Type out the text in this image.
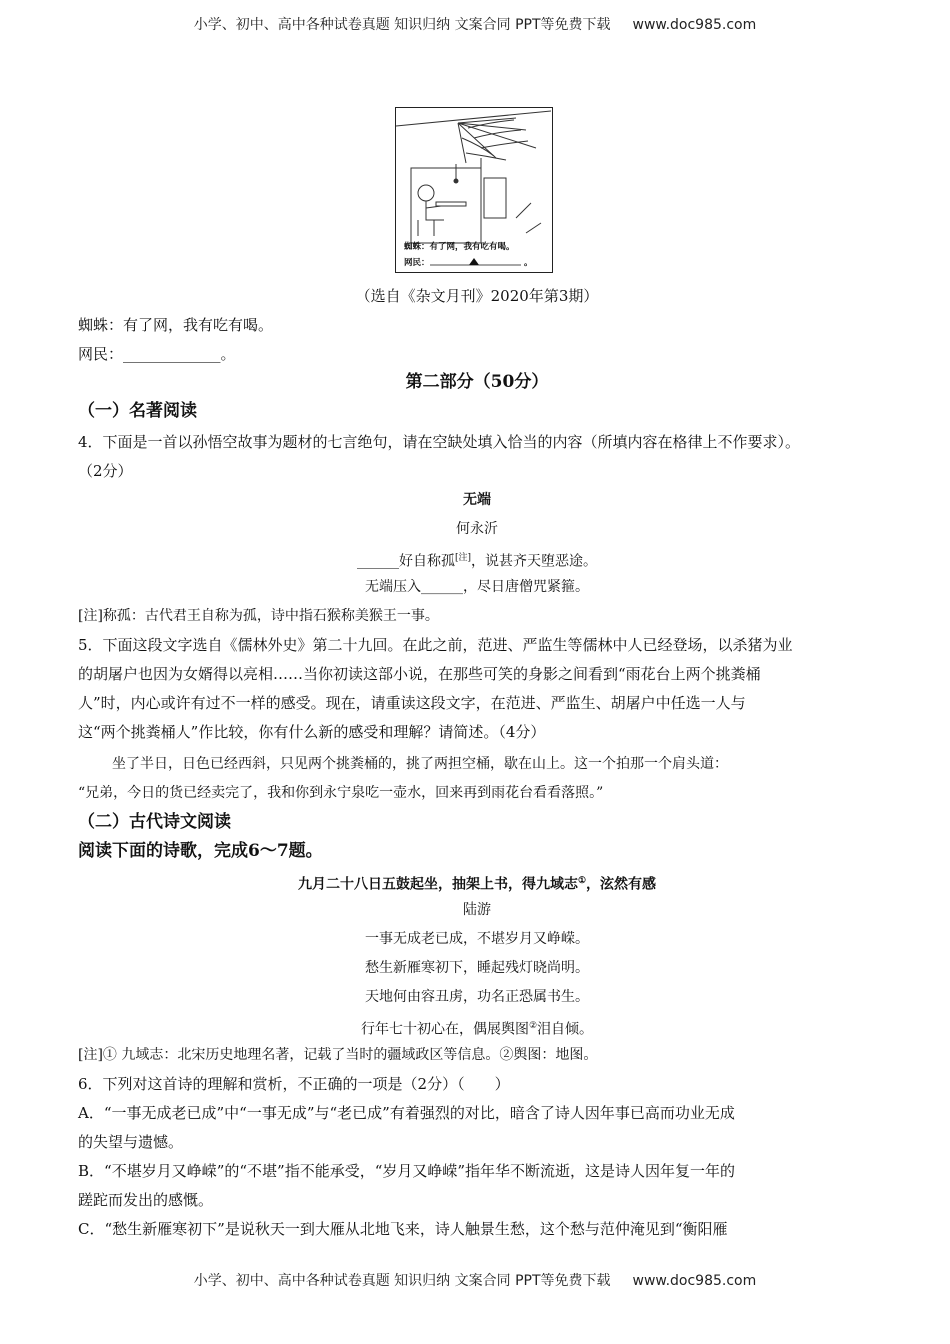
小学、初中、高中各种试卷真题 知识归纳 文案合同 PPT等免费下载 www.doc985.com
蜘蛛：有了网，我有吃有喝。
网民：	。
（选自《杂文月刊》2020年第3期）
蜘蛛：有了网，我有吃有喝。
网民：_____________。
第二部分（50分）
（一）名著阅读
4．下面是一首以孙悟空故事为题材的七言绝句，请在空缺处填入恰当的内容（所填内容在格律上不作要求）。
（2分）
无端
何永沂
______好自称孤[注]，说甚齐天堕恶途。
无端压入______，尽日唐僧咒紧箍。
[注]称孤：古代君王自称为孤，诗中指石猴称美猴王一事。
5．下面这段文字选自《儒林外史》第二十九回。在此之前，范进、严监生等儒林中人已经登场，以杀猪为业
的胡屠户也因为女婿得以亮相……当你初读这部小说，在那些可笑的身影之间看到“雨花台上两个挑粪桶
人”时，内心或许有过不一样的感受。现在，请重读这段文字，在范进、严监生、胡屠户中任选一人与
这“两个挑粪桶人”作比较，你有什么新的感受和理解？请简述。（4分）
坐了半日，日色已经西斜，只见两个挑粪桶的，挑了两担空桶，歇在山上。这一个拍那一个肩头道：
“兄弟，今日的货已经卖完了，我和你到永宁泉吃一壶水，回来再到雨花台看看落照。”
（二）古代诗文阅读
阅读下面的诗歌，完成6～7题。
九月二十八日五鼓起坐，抽架上书，得九域志①，泫然有感
陆游
一事无成老已成，不堪岁月又峥嵘。
愁生新雁寒初下，睡起残灯晓尚明。
天地何由容丑虏，功名正恐属书生。
行年七十初心在，偶展舆图②泪自倾。
[注]① 九域志：北宋历史地理名著，记载了当时的疆域政区等信息。②舆图：地图。
6．下列对这首诗的理解和赏析，不正确的一项是（2分）（　　）
A．“一事无成老已成”中“一事无成”与“老已成”有着强烈的对比，暗含了诗人因年事已高而功业无成
的失望与遗憾。
B．“不堪岁月又峥嵘”的“不堪”指不能承受，“岁月又峥嵘”指年华不断流逝，这是诗人因年复一年的
蹉跎而发出的感慨。
C．“愁生新雁寒初下”是说秋天一到大雁从北地飞来，诗人触景生愁，这个愁与范仲淹见到“衡阳雁
小学、初中、高中各种试卷真题 知识归纳 文案合同 PPT等免费下载 www.doc985.com
